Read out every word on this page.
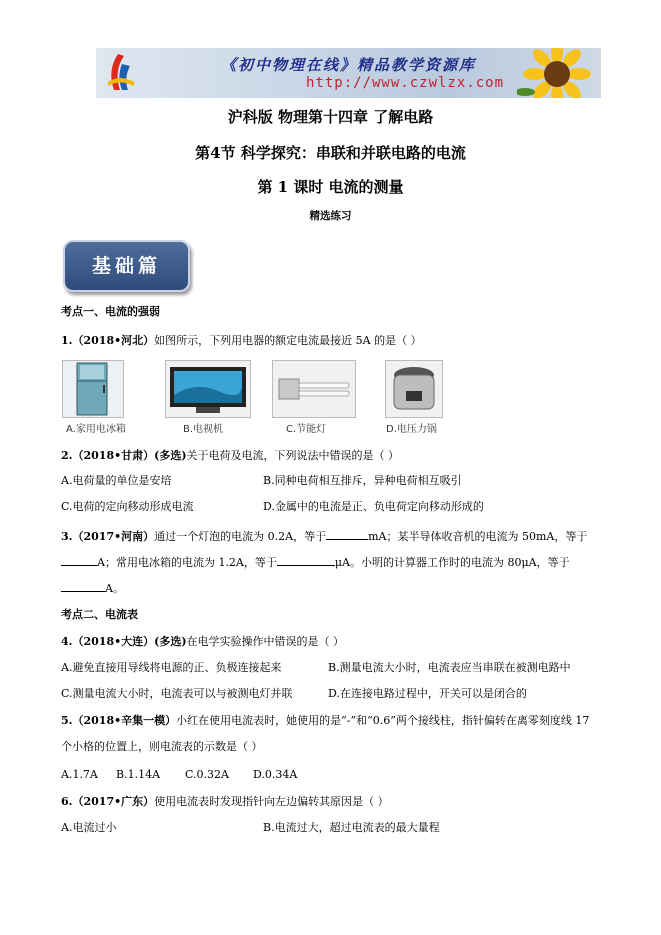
《初中物理在线》精品教学资源库
http://www.czwlzx.com
沪科版 物理第十四章 了解电路
第4节 科学探究：串联和并联电路的电流
第 1 课时 电流的测量
精选练习
基础篇
考点一、电流的强弱
1.（2018•河北）如图所示，下列用电器的额定电流最接近 5A 的是（ ）
A.家用电冰箱	B.电视机	C.节能灯	D.电压力锅
2.（2018•甘肃）(多选)关于电荷及电流，下列说法中错误的是（ ）
A.电荷量的单位是安培	B.同种电荷相互排斥，异种电荷相互吸引
C.电荷的定向移动形成电流	D.金属中的电流是正、负电荷定向移动形成的
3.（2017•河南）通过一个灯泡的电流为 0.2A，等于	mA；某半导体收音机的电流为 50mA，等于
A；常用电冰箱的电流为 1.2A，等于	μA。小明的计算器工作时的电流为 80μA，等于
A。
考点二、电流表
4.（2018•大连）(多选)在电学实验操作中错误的是（ ）
A.避免直接用导线将电源的正、负极连接起来	B.测量电流大小时，电流表应当串联在被测电路中
C.测量电流大小时，电流表可以与被测电灯并联	D.在连接电路过程中，开关可以是闭合的
5.（2018•辛集一模）小红在使用电流表时，她使用的是“-”和“0.6”两个接线柱，指针偏转在离零刻度线 17
个小格的位置上，则电流表的示数是（ ）
A.1.7A B.1.14A C.0.32A D.0.34A
6.（2017•广东）使用电流表时发现指针向左边偏转其原因是（ ）
A.电流过小	B.电流过大，超过电流表的最大量程
